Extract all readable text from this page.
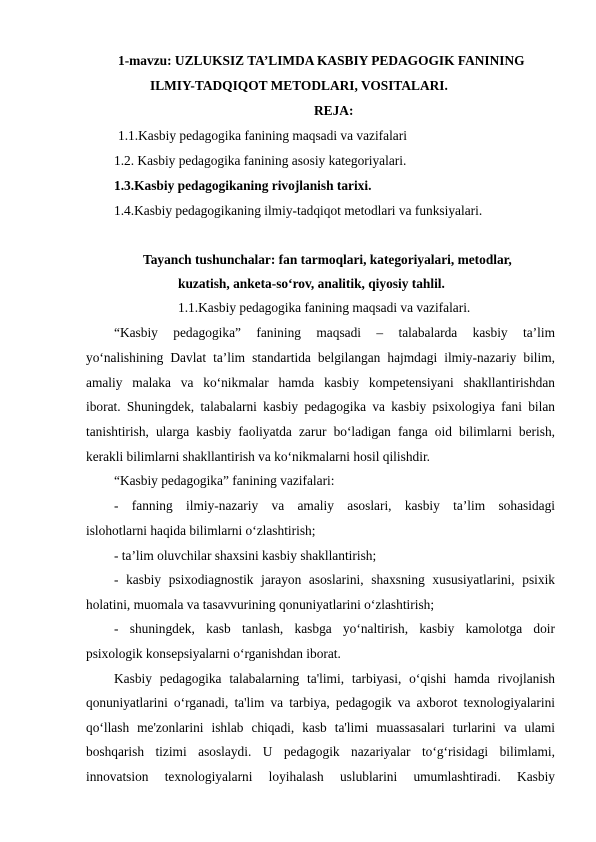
1-mavzu: UZLUKSIZ TA’LIMDA KASBIY PEDAGOGIK FANINING
ILMIY-TADQIQOT METODLARI, VOSITALARI.
REJA:
1.1.Kasbiy pedagogika fanining maqsadi va vazifalari
1.2. Kasbiy pedagogika fanining asosiy kategoriyalari.
1.3.Kasbiy pedagogikaning rivojlanish tarixi.
1.4.Kasbiy pedagogikaning ilmiy-tadqiqot metodlari va funksiyalari.
Tayanch tushunchalar: fan tarmoqlari, kategoriyalari, metodlar,
kuzatish, anketa-so‘rov, analitik, qiyosiy tahlil.
1.1.Kasbiy pedagogika fanining maqsadi va vazifalari.
“Kasbiy pedagogika” fanining maqsadi – talabalarda kasbiy ta’lim
yo‘nalishining Davlat ta’lim standartida belgilangan hajmdagi ilmiy-nazariy bilim,
amaliy malaka va ko‘nikmalar hamda kasbiy kompetensiyani shakllantirishdan
iborat. Shuningdek, talabalarni kasbiy pedagogika va kasbiy psixologiya fani bilan
tanishtirish, ularga kasbiy faoliyatda zarur bo‘ladigan fanga oid bilimlarni berish,
kerakli bilimlarni shakllantirish va ko‘nikmalarni hosil qilishdir.
“Kasbiy pedagogika” fanining vazifalari:
- fanning ilmiy-nazariy va amaliy asoslari, kasbiy ta’lim sohasidagi
islohotlarni haqida bilimlarni o‘zlashtirish;
- ta’lim oluvchilar shaxsini kasbiy shakllantirish;
- kasbiy psixodiagnostik jarayon asoslarini, shaxsning xususiyatlarini, psixik
holatini, muomala va tasavvurining qonuniyatlarini o‘zlashtirish;
- shuningdek, kasb tanlash, kasbga yo‘naltirish, kasbiy kamolotga doir
psixologik konsepsiyalarni o‘rganishdan iborat.
Kasbiy pedagogika talabalarning ta'limi, tarbiyasi, o‘qishi hamda rivojlanish
qonuniyatlarini o‘rganadi, ta'lim va tarbiya, pedagogik va axborot texnologiyalarini
qo‘llash me'zonlarini ishlab chiqadi, kasb ta'limi muassasalari turlarini va ulami
boshqarish tizimi asoslaydi. U pedagogik nazariyalar to‘g‘risidagi bilimlami,
innovatsion texnologiyalarni loyihalash uslublarini umumlashtiradi. Kasbiy
